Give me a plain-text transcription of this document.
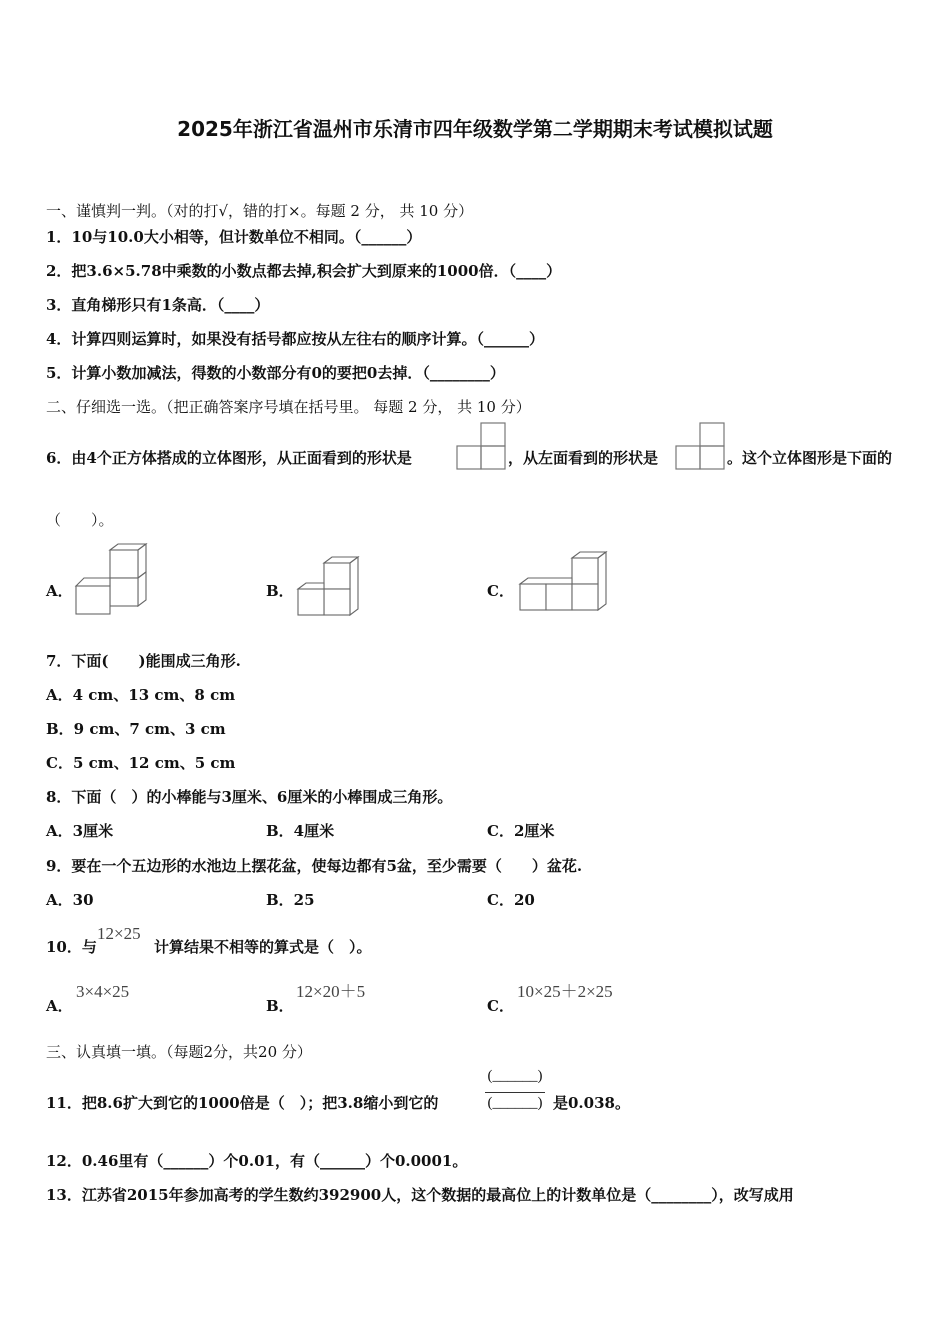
2025年浙江省温州市乐清市四年级数学第二学期期末考试模拟试题
一、谨慎判一判。（对的打√，错的打×。每题 2 分， 共 10 分）
1．10与10.0大小相等，但计数单位不相同。（______）
2．把3.6×5.78中乘数的小数点都去掉,积会扩大到原来的1000倍．（____）
3．直角梯形只有1条高．（____）
4．计算四则运算时，如果没有括号都应按从左往右的顺序计算。（______）
5．计算小数加减法，得数的小数部分有0的要把0去掉．（________）
二、仔细选一选。（把正确答案序号填在括号里。 每题 2 分， 共 10 分）
6．由4个正方体搭成的立体图形，从正面看到的形状是	，从左面看到的形状是	。这个立体图形是下面的
（　　）。
A．	B．	C．
7．下面(　　)能围成三角形.
A．4 cm、13 cm、8 cm
B．9 cm、7 cm、3 cm
C．5 cm、12 cm、5 cm
8．下面（　）的小棒能与3厘米、6厘米的小棒围成三角形。
A．3厘米	B．4厘米	C．2厘米
9．要在一个五边形的水池边上摆花盆，使每边都有5盆，至少需要（　　）盆花.
A．30	B．25	C．20
10．与
12×25
计算结果不相等的算式是（　）。
A．
3×4×25
B．
12×20＋5
C．
10×25＋2×25
三、认真填一填。（每题2分，共20 分）
11．把8.6扩大到它的1000倍是（　）；把3.8缩小到它的
(______)
(______) 是0.038。
12．0.46里有（______）个0.01，有（______）个0.0001。
13．江苏省2015年参加高考的学生数约392900人，这个数据的最高位上的计数单位是（________），改写成用
